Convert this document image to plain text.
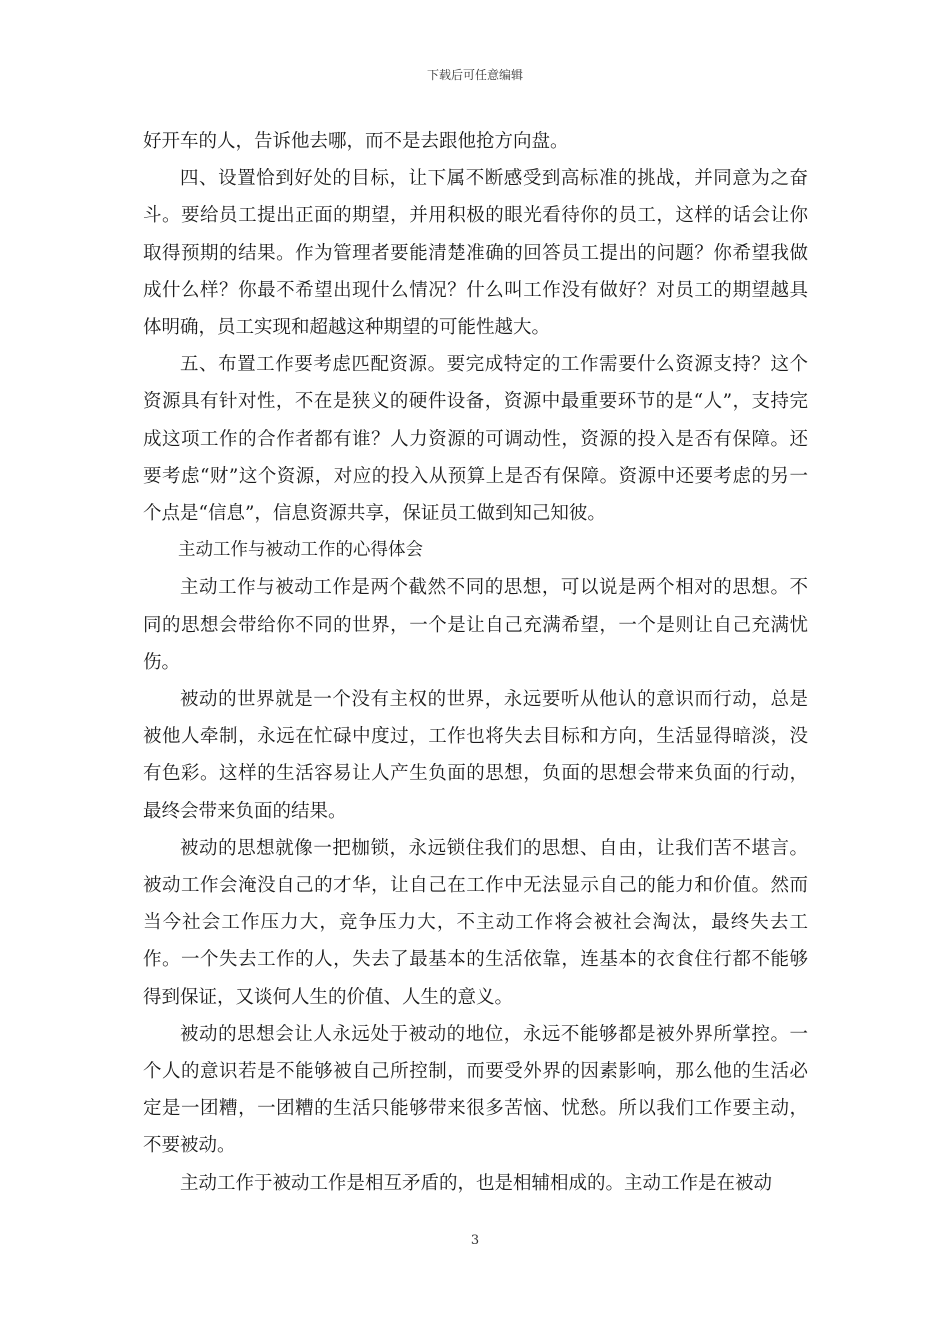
下载后可任意编辑

好开车的人，告诉他去哪，而不是去跟他抢方向盘。

四、设置恰到好处的目标，让下属不断感受到高标准的挑战，并同意为之奋斗。要给员工提出正面的期望，并用积极的眼光看待你的员工，这样的话会让你取得预期的结果。作为管理者要能清楚准确的回答员工提出的问题？你希望我做成什么样？你最不希望出现什么情况？什么叫工作没有做好？对员工的期望越具体明确，员工实现和超越这种期望的可能性越大。

五、布置工作要考虑匹配资源。要完成特定的工作需要什么资源支持？这个资源具有针对性，不在是狭义的硬件设备，资源中最重要环节的是“人”，支持完成这项工作的合作者都有谁？人力资源的可调动性，资源的投入是否有保障。还要考虑“财”这个资源，对应的投入从预算上是否有保障。资源中还要考虑的另一个点是“信息”，信息资源共享，保证员工做到知己知彼。

主动工作与被动工作的心得体会

主动工作与被动工作是两个截然不同的思想，可以说是两个相对的思想。不同的思想会带给你不同的世界，一个是让自己充满希望，一个是则让自己充满忧伤。

被动的世界就是一个没有主权的世界，永远要听从他认的意识而行动，总是被他人牵制，永远在忙碌中度过，工作也将失去目标和方向，生活显得暗淡，没有色彩。这样的生活容易让人产生负面的思想，负面的思想会带来负面的行动，最终会带来负面的结果。

被动的思想就像一把枷锁，永远锁住我们的思想、自由，让我们苦不堪言。被动工作会淹没自己的才华，让自己在工作中无法显示自己的能力和价值。然而当今社会工作压力大，竞争压力大，不主动工作将会被社会淘汰，最终失去工作。一个失去工作的人，失去了最基本的生活依靠，连基本的衣食住行都不能够得到保证，又谈何人生的价值、人生的意义。

被动的思想会让人永远处于被动的地位，永远不能够都是被外界所掌控。一个人的意识若是不能够被自己所控制，而要受外界的因素影响，那么他的生活必定是一团糟，一团糟的生活只能够带来很多苦恼、忧愁。所以我们工作要主动，不要被动。

主动工作于被动工作是相互矛盾的，也是相辅相成的。主动工作是在被动

3
